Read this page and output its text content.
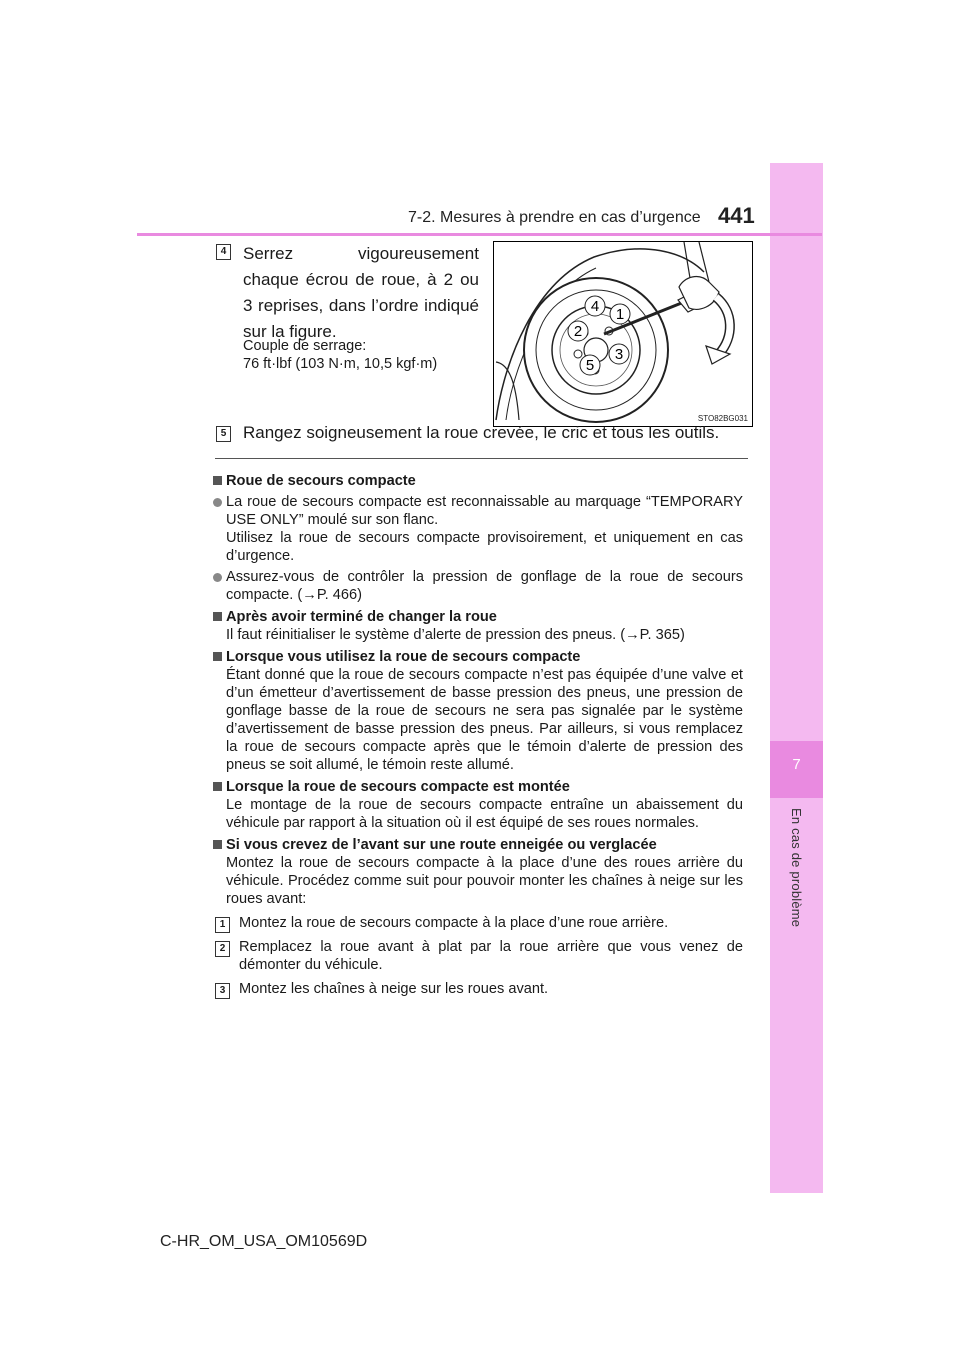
7
En cas de problème
7-2. Mesures à prendre en cas d’urgence 441
4 Serrez vigoureusement chaque écrou de roue, à 2 ou 3 reprises, dans l’ordre indiqué sur la figure.
Couple de serrage:
76 ft·lbf (103 N·m, 10,5 kgf·m)
1
2
3
4
5
STO82BG031
5 Rangez soigneusement la roue crevée, le cric et tous les outils.
Roue de secours compacte
La roue de secours compacte est reconnaissable au marquage “TEMPORARY USE ONLY” moulé sur son flanc.
Utilisez la roue de secours compacte provisoirement, et uniquement en cas d’urgence.
Assurez-vous de contrôler la pression de gonflage de la roue de secours compacte. (→P. 466)
Après avoir terminé de changer la roue
Il faut réinitialiser le système d’alerte de pression des pneus. (→P. 365)
Lorsque vous utilisez la roue de secours compacte
Étant donné que la roue de secours compacte n’est pas équipée d’une valve et d’un émetteur d’avertissement de basse pression des pneus, une pression de gonflage basse de la roue de secours ne sera pas signalée par le système d’avertissement de basse pression des pneus. Par ailleurs, si vous remplacez la roue de secours compacte après que le témoin d’alerte de pression des pneus se soit allumé, le témoin reste allumé.
Lorsque la roue de secours compacte est montée
Le montage de la roue de secours compacte entraîne un abaissement du véhicule par rapport à la situation où il est équipé de ses roues normales.
Si vous crevez de l’avant sur une route enneigée ou verglacée
Montez la roue de secours compacte à la place d’une des roues arrière du véhicule. Procédez comme suit pour pouvoir monter les chaînes à neige sur les roues avant:
1 Montez la roue de secours compacte à la place d’une roue arrière.
2 Remplacez la roue avant à plat par la roue arrière que vous venez de démonter du véhicule.
3 Montez les chaînes à neige sur les roues avant.
C-HR_OM_USA_OM10569D
